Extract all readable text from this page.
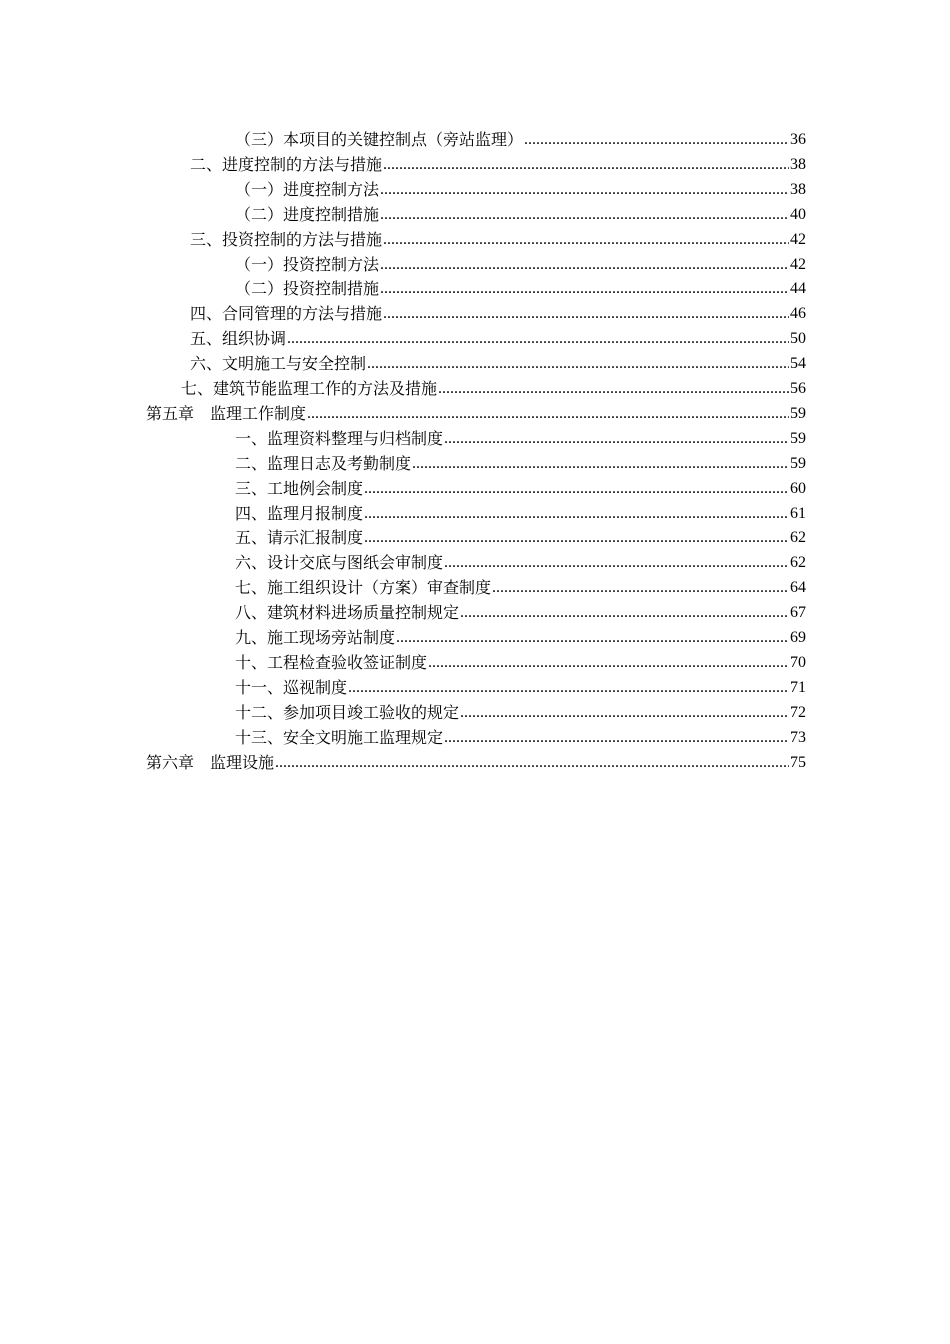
（三）本项目的关键控制点（旁站监理） .....	36
二、进度控制的方法与措施 .....	38
（一）进度控制方法 .....	38
（二）进度控制措施 .....	40
三、投资控制的方法与措施 .....	42
（一）投资控制方法 .....	42
（二）投资控制措施 .....	44
四、合同管理的方法与措施 .....	46
五、组织协调 .....	50
六、文明施工与安全控制 .....	54
七、建筑节能监理工作的方法及措施 .....	56
第五章　监理工作制度 .....	59
一、监理资料整理与归档制度 .....	59
二、监理日志及考勤制度 .....	59
三、工地例会制度 .....	60
四、监理月报制度 .....	61
五、请示汇报制度 .....	62
六、设计交底与图纸会审制度 .....	62
七、施工组织设计（方案）审查制度 .....	64
八、建筑材料进场质量控制规定 .....	67
九、施工现场旁站制度 .....	69
十、工程检查验收签证制度 .....	70
十一、巡视制度 .....	71
十二、参加项目竣工验收的规定 .....	72
十三、安全文明施工监理规定 .....	73
第六章　监理设施 .....	75
